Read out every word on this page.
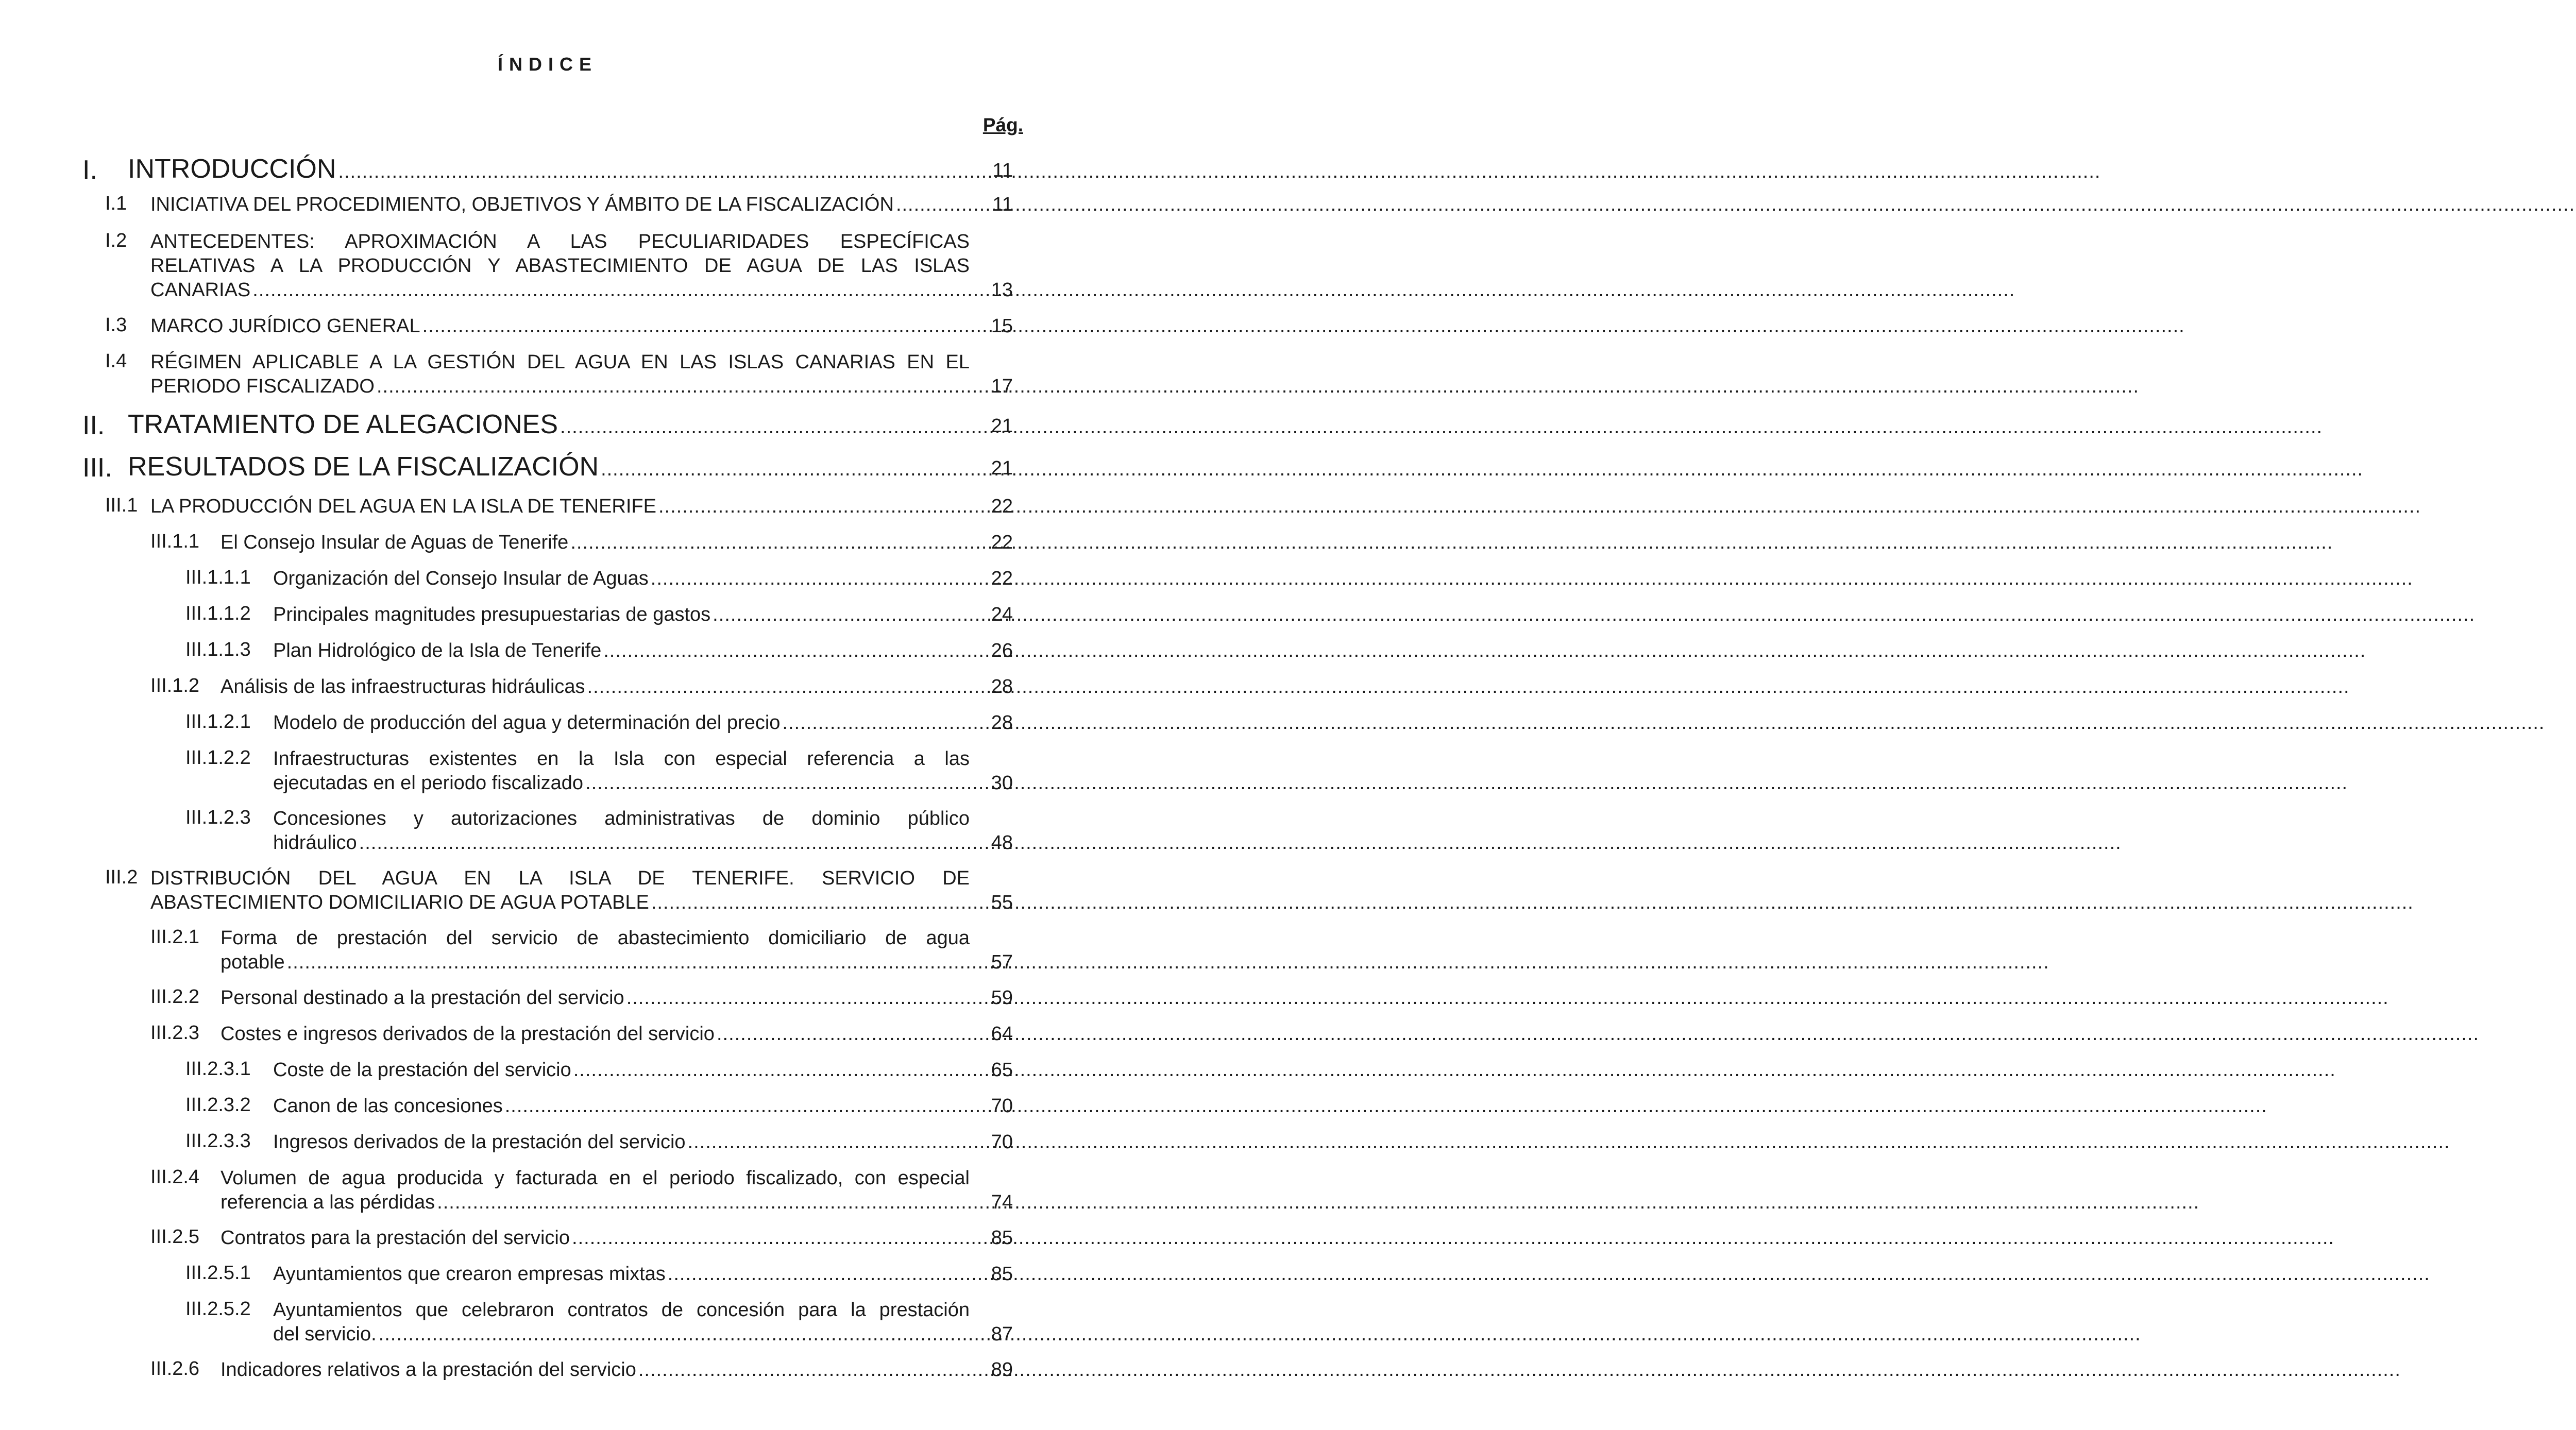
ÍNDICE
Pág.
I. INTRODUCCIÓN .....	11
I.1 INICIATIVA DEL PROCEDIMIENTO, OBJETIVOS Y ÁMBITO DE LA FISCALIZACIÓN .....	11
I.2 ANTECEDENTES: APROXIMACIÓN A LAS PECULIARIDADES ESPECÍFICAS
RELATIVAS A LA PRODUCCIÓN Y ABASTECIMIENTO DE AGUA DE LAS ISLAS
CANARIAS .....	13
I.3 MARCO JURÍDICO GENERAL .....	15
I.4 RÉGIMEN APLICABLE A LA GESTIÓN DEL AGUA EN LAS ISLAS CANARIAS EN EL
PERIODO FISCALIZADO .....	17
II. TRATAMIENTO DE ALEGACIONES .....	21
III. RESULTADOS DE LA FISCALIZACIÓN .....	21
III.1 LA PRODUCCIÓN DEL AGUA EN LA ISLA DE TENERIFE .....	22
III.1.1 El Consejo Insular de Aguas de Tenerife .....	22
III.1.1.1 Organización del Consejo Insular de Aguas .....	22
III.1.1.2 Principales magnitudes presupuestarias de gastos .....	24
III.1.1.3 Plan Hidrológico de la Isla de Tenerife .....	26
III.1.2 Análisis de las infraestructuras hidráulicas .....	28
III.1.2.1 Modelo de producción del agua y determinación del precio .....	28
III.1.2.2 Infraestructuras existentes en la Isla con especial referencia a las
ejecutadas en el periodo fiscalizado .....	30
III.1.2.3 Concesiones y autorizaciones administrativas de dominio público
hidráulico .....	48
III.2 DISTRIBUCIÓN DEL AGUA EN LA ISLA DE TENERIFE. SERVICIO DE
ABASTECIMIENTO DOMICILIARIO DE AGUA POTABLE .....	55
III.2.1 Forma de prestación del servicio de abastecimiento domiciliario de agua
potable .....	57
III.2.2 Personal destinado a la prestación del servicio .....	59
III.2.3 Costes e ingresos derivados de la prestación del servicio .....	64
III.2.3.1 Coste de la prestación del servicio .....	65
III.2.3.2 Canon de las concesiones .....	70
III.2.3.3 Ingresos derivados de la prestación del servicio .....	70
III.2.4 Volumen de agua producida y facturada en el periodo fiscalizado, con especial
referencia a las pérdidas .....	74
III.2.5 Contratos para la prestación del servicio .....	85
III.2.5.1 Ayuntamientos que crearon empresas mixtas .....	85
III.2.5.2 Ayuntamientos que celebraron contratos de concesión para la prestación
del servicio. .....	87
III.2.6 Indicadores relativos a la prestación del servicio .....	89
